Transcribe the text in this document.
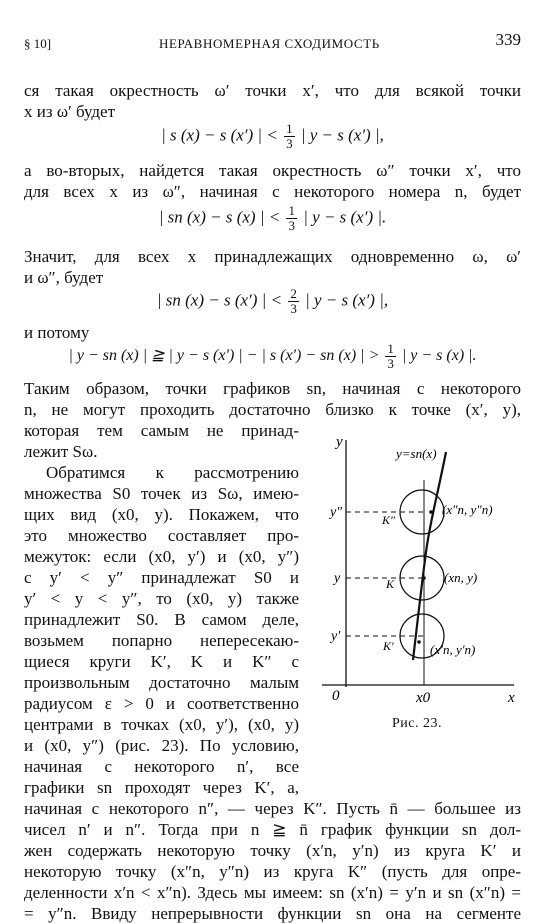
§ 10]	НЕРАВНОМЕРНАЯ СХОДИМОСТЬ	339
ся такая окрестность ω′ точки x′, что для всякой точки
x из ω′ будет
| s (x) − s (x′) | < $\frac{1}{3}$ | y − s (x′) |,
а во-вторых, найдется такая окрестность ω″ точки x′, что
для всех x из ω″, начиная с некоторого номера n, будет
| sn (x) − s (x) | < $\frac{1}{3}$ | y − s (x′) |.
Значит, для всех x принадлежащих одновременно ω, ω′
и ω″, будет
| sn (x) − s (x′) | < $\frac{2}{3}$ | y − s (x′) |,
и потому
| y − sn (x) | ≧ | y − s (x′) | − | s (x′) − sn (x) | > $\frac{1}{3}$ | y − s (x) |.
Таким образом, точки графиков sn, начиная с некоторого
n, не могут проходить достаточно близко к точке (x′, y),
которая тем самым не принад-
лежит Sω.
Обратимся к рассмотрению
множества S0 точек из Sω, имею-
щих вид (x0, y). Покажем, что
это множество составляет про-
межуток: если (x0, y′) и (x0, y″)
с y′ < y″ принадлежат S0 и
y′ < y < y″, то (x0, y) также
принадлежит S0. В самом деле,
возьмем попарно непересекаю-
щиеся круги K′, K и K″ с
произвольным достаточно малым
радиусом ε > 0 и соответственно
центрами в точках (x0, y′), (x0, y)
и (x0, y″) (рис. 23). По условию,
начиная с некоторого n′, все
графики sn проходят через K′, а,
начиная с некоторого n″, — через K″. Пусть n̄ — большее из
чисел n′ и n″. Тогда при n ≧ n̄ график функции sn дол-
жен содержать некоторую точку (x′n, y′n) из круга K′ и
некоторую точку (x″n, y″n) из круга K″ (пусть для опре-
деленности x′n < x″n). Здесь мы имеем: sn (x′n) = y′n и sn (x″n) =
= y″n. Ввиду непрерывности функции sn она на сегменте
y
x
0	x0
y″
y
y′
y=sn(x)
K″
K
K′
(x″n, y″n)
(xn, y)
(x′n, y′n)
Рис. 23.
